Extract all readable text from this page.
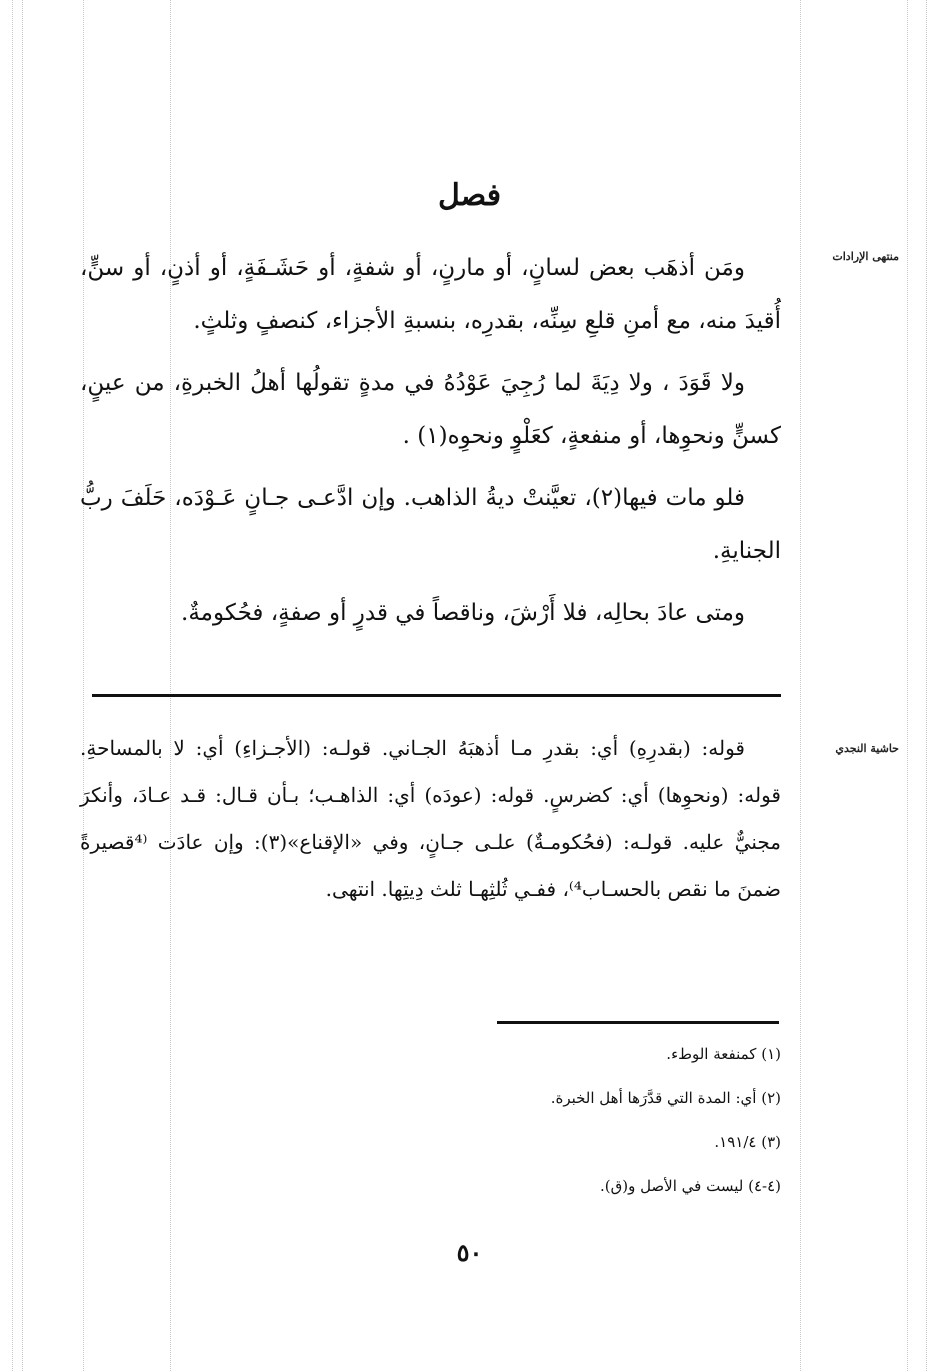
فصل
منتهى الإرادات

ومَن أذهَب بعض لسانٍ، أو مارنٍ، أو شفةٍ، أو حَشَـفَةٍ، أو أذنٍ، أو سنٍّ، أُقيدَ منه، مع أمنِ قلعِ سِنِّه، بقدرِه، بنسبةِ الأجزاء، كنصفٍ وثلثٍ.

ولا قَوَدَ ، ولا دِيَةَ لما رُجِيَ عَوْدُهُ في مدةٍ تقولُها أهلُ الخبرةِ، من عينٍ، كسنٍّ ونحوِها، أو منفعةٍ، كعَلْوٍ ونحوِه(١) .

فلو مات فيها(٢)، تعيَّنتْ ديةُ الذاهب. وإن ادَّعـى جـانٍ عَـوْدَه، حَلَفَ ربُّ الجنايةِ.

ومتى عادَ بحالِه، فلا أَرْشَ، وناقصاً في قدرٍ أو صفةٍ، فحُكومةٌ.

حاشية النجدي

قوله: (بقدرِهِ) أي: بقدرِ مـا أذهبَهُ الجـاني. قولـه: (الأجـزاءِ) أي: لا بالمساحةِ. قوله: (ونحوِها) أي: كضرسٍ. قوله: (عودَه) أي: الذاهـب؛ بـأن قـال: قـد عـادَ، وأنكرَ مجنيٌّ عليه. قولـه: (فحُكومـةٌ) علـى جـانٍ، وفي «الإقناع»(٣): وإن عادَت ⁽⁴قصيرةً ضمنَ ما نقص بالحسـاب⁴⁾، ففـي ثُلثِهـا ثلث دِيتِها. انتهى.

(١) كمنفعة الوطء.
(٢) أي: المدة التي قدَّرَها أهل الخبرة.
(٣) ١٩١/٤.
(٤-٤) ليست في الأصل و(ق).
٥٠
